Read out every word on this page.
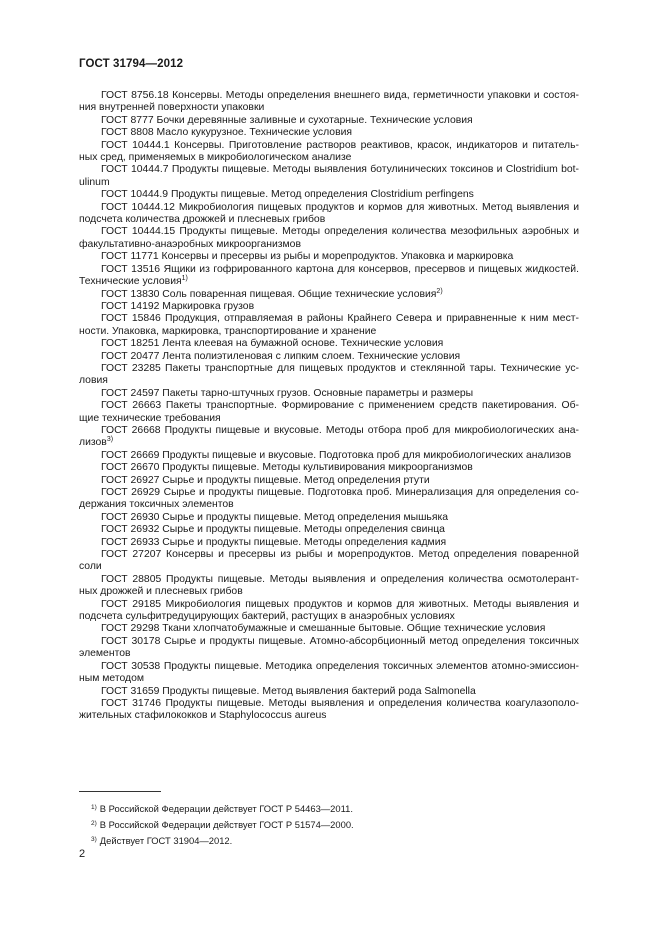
ГОСТ 31794—2012
ГОСТ 8756.18 Консервы. Методы определения внешнего вида, герметичности упаковки и состоя-
ния внутренней поверхности упаковки
ГОСТ 8777 Бочки деревянные заливные и сухотарные. Технические условия
ГОСТ 8808 Масло кукурузное. Технические условия
ГОСТ 10444.1 Консервы. Приготовление растворов реактивов, красок, индикаторов и питатель-
ных сред, применяемых в микробиологическом анализе
ГОСТ 10444.7 Продукты пищевые. Методы выявления ботулинических токсинов и Clostridium bot-
ulinum
ГОСТ 10444.9 Продукты пищевые. Метод определения Clostridium perfingens
ГОСТ 10444.12 Микробиология пищевых продуктов и кормов для животных. Метод выявления и
подсчета количества дрожжей и плесневых грибов
ГОСТ 10444.15 Продукты пищевые. Методы определения количества мезофильных аэробных и
факультативно-анаэробных микроорганизмов
ГОСТ 11771 Консервы и пресервы из рыбы и морепродуктов. Упаковка и маркировка
ГОСТ 13516 Ящики из гофрированного картона для консервов, пресервов и пищевых жидкостей.
Технические условия$^{1)}$
ГОСТ 13830 Соль поваренная пищевая. Общие технические условия$^{2)}$
ГОСТ 14192 Маркировка грузов
ГОСТ 15846 Продукция, отправляемая в районы Крайнего Севера и приравненные к ним мест-
ности. Упаковка, маркировка, транспортирование и хранение
ГОСТ 18251 Лента клеевая на бумажной основе. Технические условия
ГОСТ 20477 Лента полиэтиленовая с липким слоем. Технические условия
ГОСТ 23285 Пакеты транспортные для пищевых продуктов и стеклянной тары. Технические ус-
ловия
ГОСТ 24597 Пакеты тарно-штучных грузов. Основные параметры и размеры
ГОСТ 26663 Пакеты транспортные. Формирование с применением средств пакетирования. Об-
щие технические требования
ГОСТ 26668 Продукты пищевые и вкусовые. Методы отбора проб для микробиологических ана-
лизов$^{3)}$
ГОСТ 26669 Продукты пищевые и вкусовые. Подготовка проб для микробиологических анализов
ГОСТ 26670 Продукты пищевые. Методы культивирования микроорганизмов
ГОСТ 26927 Сырье и продукты пищевые. Метод определения ртути
ГОСТ 26929 Сырье и продукты пищевые. Подготовка проб. Минерализация для определения со-
держания токсичных элементов
ГОСТ 26930 Сырье и продукты пищевые. Метод определения мышьяка
ГОСТ 26932 Сырье и продукты пищевые. Методы определения свинца
ГОСТ 26933 Сырье и продукты пищевые. Методы определения кадмия
ГОСТ 27207 Консервы и пресервы из рыбы и морепродуктов. Метод определения поваренной
соли
ГОСТ 28805 Продукты пищевые. Методы выявления и определения количества осмотолерант-
ных дрожжей и плесневых грибов
ГОСТ 29185 Микробиология пищевых продуктов и кормов для животных. Методы выявления и
подсчета сульфитредуцирующих бактерий, растущих в анаэробных условиях
ГОСТ 29298 Ткани хлопчатобумажные и смешанные бытовые. Общие технические условия
ГОСТ 30178 Сырье и продукты пищевые. Атомно-абсорбционный метод определения токсичных
элементов
ГОСТ 30538 Продукты пищевые. Методика определения токсичных элементов атомно-эмиссион-
ным методом
ГОСТ 31659 Продукты пищевые. Метод выявления бактерий рода Salmonella
ГОСТ 31746 Продукты пищевые. Методы выявления и определения количества коагулазополо-
жительных стафилококков и Staphylococcus aureus
$^{1)}$ В Российской Федерации действует ГОСТ Р 54463—2011.
$^{2)}$ В Российской Федерации действует ГОСТ Р 51574—2000.
$^{3)}$ Действует ГОСТ 31904—2012.
2
